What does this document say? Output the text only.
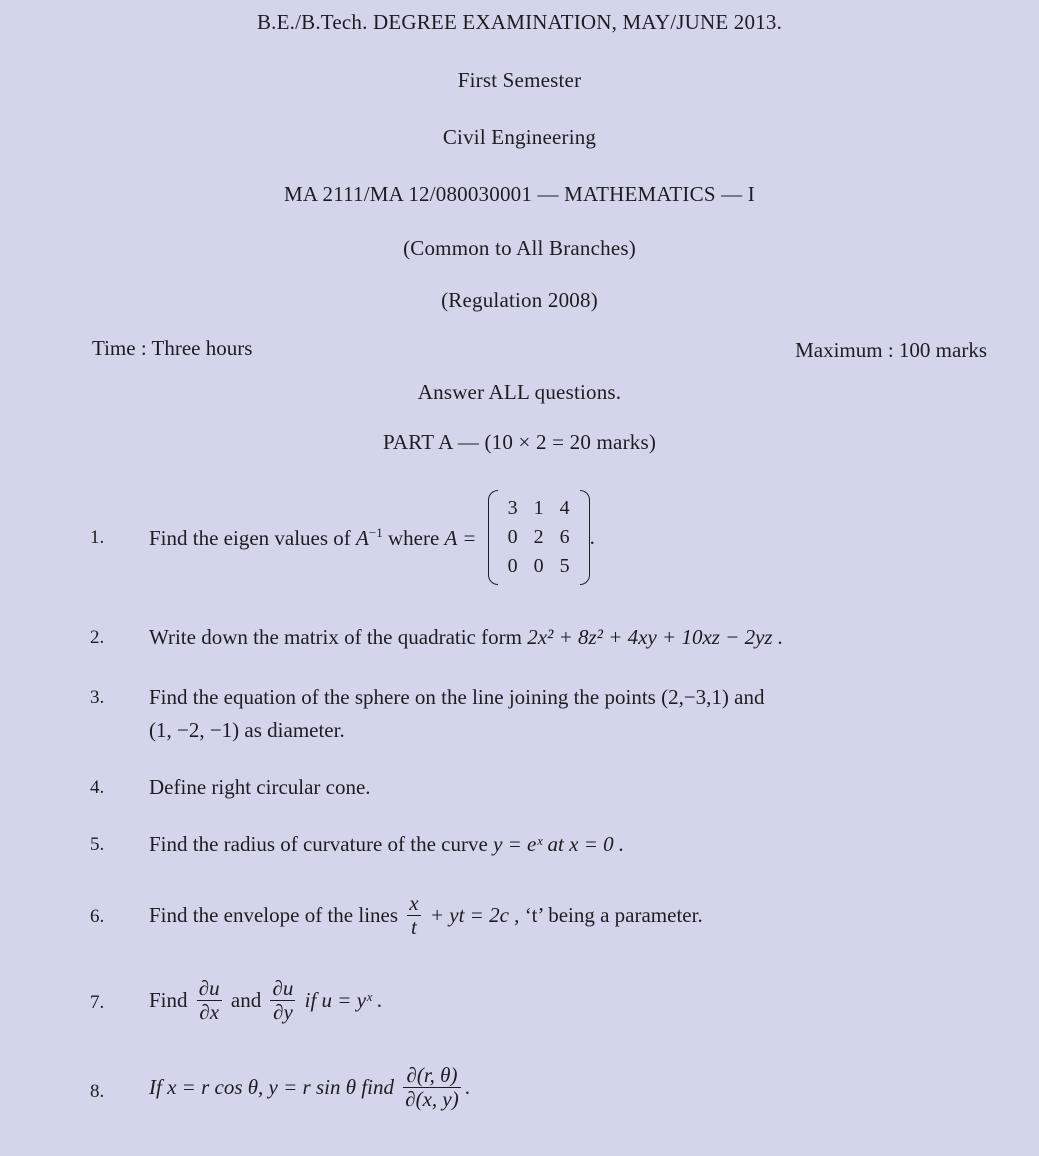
B.E./B.Tech. DEGREE EXAMINATION, MAY/JUNE 2013.
First Semester
Civil Engineering
MA 2111/MA 12/080030001 — MATHEMATICS — I
(Common to All Branches)
(Regulation 2008)
Time : Three hours	Maximum : 100 marks
Answer ALL questions.
PART A — (10 × 2 = 20 marks)
1. Find the eigen values of $A^{-1}$ where A =
3	1	4
0	2	6
0	0	5
.
2. Write down the matrix of the quadratic form 2x² + 8z² + 4xy + 10xz − 2yz .
3. Find the equation of the sphere on the line joining the points (2,−3,1) and
(1, −2, −1) as diameter.
4. Define right circular cone.
5. Find the radius of curvature of the curve y = eˣ at x = 0 .
6. Find the envelope of the lines $\frac{x}{t}$ + yt = 2c , ‘t’ being a parameter.
7. Find $\frac{\partial u}{\partial x}$ and $\frac{\partial u}{\partial y}$ if u = yˣ .
8. If x = r cos θ, y = r sin θ find $\frac{\partial(r, \theta)}{\partial(x, y)}$ .
